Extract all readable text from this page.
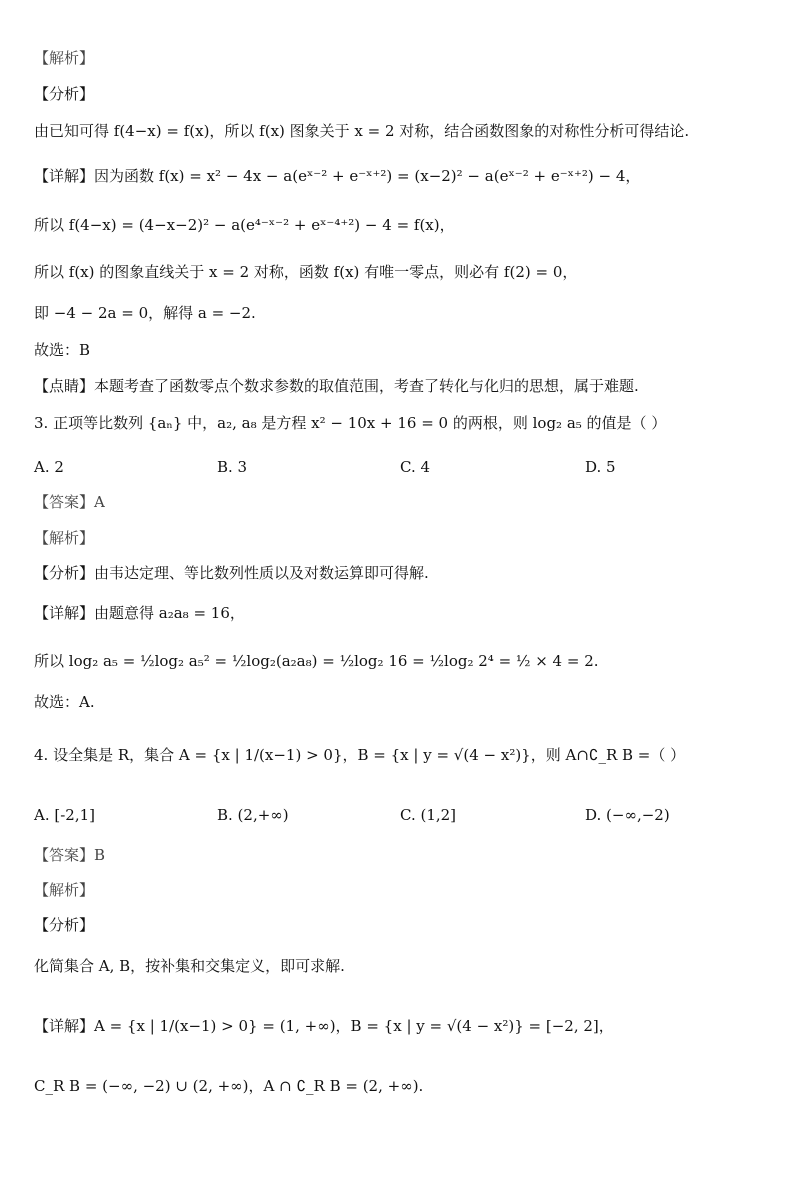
【解析】
【分析】
由已知可得 f(4−x) = f(x)，所以 f(x) 图象关于 x = 2 对称，结合函数图象的对称性分析可得结论.
【详解】因为函数 f(x) = x² − 4x − a(eˣ⁻² + e⁻ˣ⁺²) = (x−2)² − a(eˣ⁻² + e⁻ˣ⁺²) − 4，
所以 f(4−x) = (4−x−2)² − a(e⁴⁻ˣ⁻² + eˣ⁻⁴⁺²) − 4 = f(x)，
所以 f(x) 的图象直线关于 x = 2 对称，函数 f(x) 有唯一零点，则必有 f(2) = 0，
即 −4 − 2a = 0，解得 a = −2.
故选：B
【点睛】本题考查了函数零点个数求参数的取值范围，考查了转化与化归的思想，属于难题.
3. 正项等比数列 {aₙ} 中，a₂, a₈ 是方程 x² − 10x + 16 = 0 的两根，则 log₂ a₅ 的值是（ ）
A. 2	B. 3	C. 4	D. 5
【答案】A
【解析】
【分析】由韦达定理、等比数列性质以及对数运算即可得解.
【详解】由题意得 a₂a₈ = 16，
所以 log₂ a₅ = ½log₂ a₅² = ½log₂(a₂a₈) = ½log₂ 16 = ½log₂ 2⁴ = ½ × 4 = 2.
故选：A.
4. 设全集是 R，集合 A = {x | 1/(x−1) > 0}，B = {x | y = √(4 − x²)}，则 A∩∁_R B =（ ）
A. [-2,1]	B. (2,+∞)	C. (1,2]	D. (−∞,−2)
【答案】B
【解析】
【分析】
化简集合 A, B，按补集和交集定义，即可求解.
【详解】A = {x | 1/(x−1) > 0} = (1, +∞)，B = {x | y = √(4 − x²)} = [−2, 2]，
C_R B = (−∞, −2) ∪ (2, +∞)，A ∩ ∁_R B = (2, +∞).
